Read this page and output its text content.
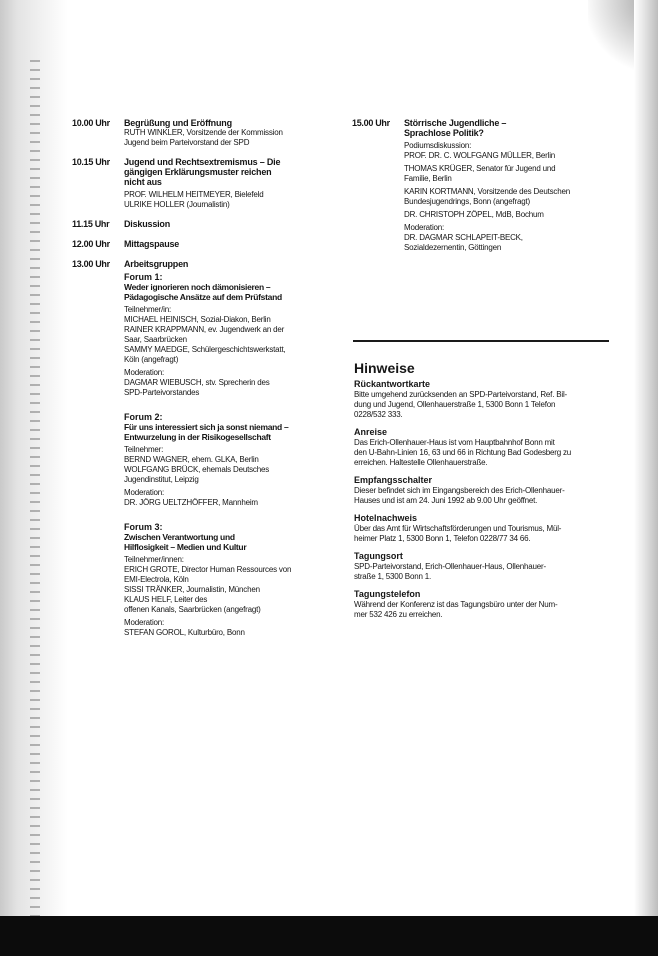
10.00 Uhr	Begrüßung und Eröffnung
RUTH WINKLER, Vorsitzende der Kommission
Jugend beim Parteivorstand der SPD
10.15 Uhr	Jugend und Rechtsextremismus – Die
gängigen Erklärungsmuster reichen
nicht aus
PROF. WILHELM HEITMEYER, Bielefeld
ULRIKE HOLLER (Journalistin)
11.15 Uhr	Diskussion
12.00 Uhr	Mittagspause
13.00 Uhr	Arbeitsgruppen
Forum 1:
Weder ignorieren noch dämonisieren –
Pädagogische Ansätze auf dem Prüfstand
Teilnehmer/in:
MICHAEL HEINISCH, Sozial-Diakon, Berlin
RAINER KRAPPMANN, ev. Jugendwerk an der
Saar, Saarbrücken
SAMMY MAEDGE, Schülergeschichtswerkstatt,
Köln (angefragt)
Moderation:
DAGMAR WIEBUSCH, stv. Sprecherin des
SPD-Parteivorstandes
Forum 2:
Für uns interessiert sich ja sonst niemand –
Entwurzelung in der Risikogesellschaft
Teilnehmer:
BERND WAGNER, ehem. GLKA, Berlin
WOLFGANG BRÜCK, ehemals Deutsches
Jugendinstitut, Leipzig
Moderation:
DR. JÖRG UELTZHÖFFER, Mannheim
Forum 3:
Zwischen Verantwortung und
Hilflosigkeit – Medien und Kultur
Teilnehmer/innen:
ERICH GROTE, Director Human Ressources von
EMI-Electrola, Köln
SISSI TRÄNKER, Journalistin, München
KLAUS HELF, Leiter des
offenen Kanals, Saarbrücken (angefragt)
Moderation:
STEFAN GOROL, Kulturbüro, Bonn
15.00 Uhr	Störrische Jugendliche –
Sprachlose Politik?
Podiumsdiskussion:
PROF. DR. C. WOLFGANG MÜLLER, Berlin
THOMAS KRÜGER, Senator für Jugend und
Familie, Berlin
KARIN KORTMANN, Vorsitzende des Deutschen
Bundesjugendrings, Bonn (angefragt)
DR. CHRISTOPH ZÖPEL, MdB, Bochum
Moderation:
DR. DAGMAR SCHLAPEIT-BECK,
Sozialdezernentin, Göttingen
Hinweise
Rückantwortkarte
Bitte umgehend zurücksenden an SPD-Parteivorstand, Ref. Bil-
dung und Jugend, Ollenhauerstraße 1, 5300 Bonn 1 Telefon
0228/532 333.
Anreise
Das Erich-Ollenhauer-Haus ist vom Hauptbahnhof Bonn mit
den U-Bahn-Linien 16, 63 und 66 in Richtung Bad Godesberg zu
erreichen. Haltestelle Ollenhauerstraße.
Empfangsschalter
Dieser befindet sich im Eingangsbereich des Erich-Ollenhauer-
Hauses und ist am 24. Juni 1992 ab 9.00 Uhr geöffnet.
Hotelnachweis
Über das Amt für Wirtschaftsförderungen und Tourismus, Mül-
heimer Platz 1, 5300 Bonn 1, Telefon 0228/77 34 66.
Tagungsort
SPD-Parteivorstand, Erich-Ollenhauer-Haus, Ollenhauer-
straße 1, 5300 Bonn 1.
Tagungstelefon
Während der Konferenz ist das Tagungsbüro unter der Num-
mer 532 426 zu erreichen.
